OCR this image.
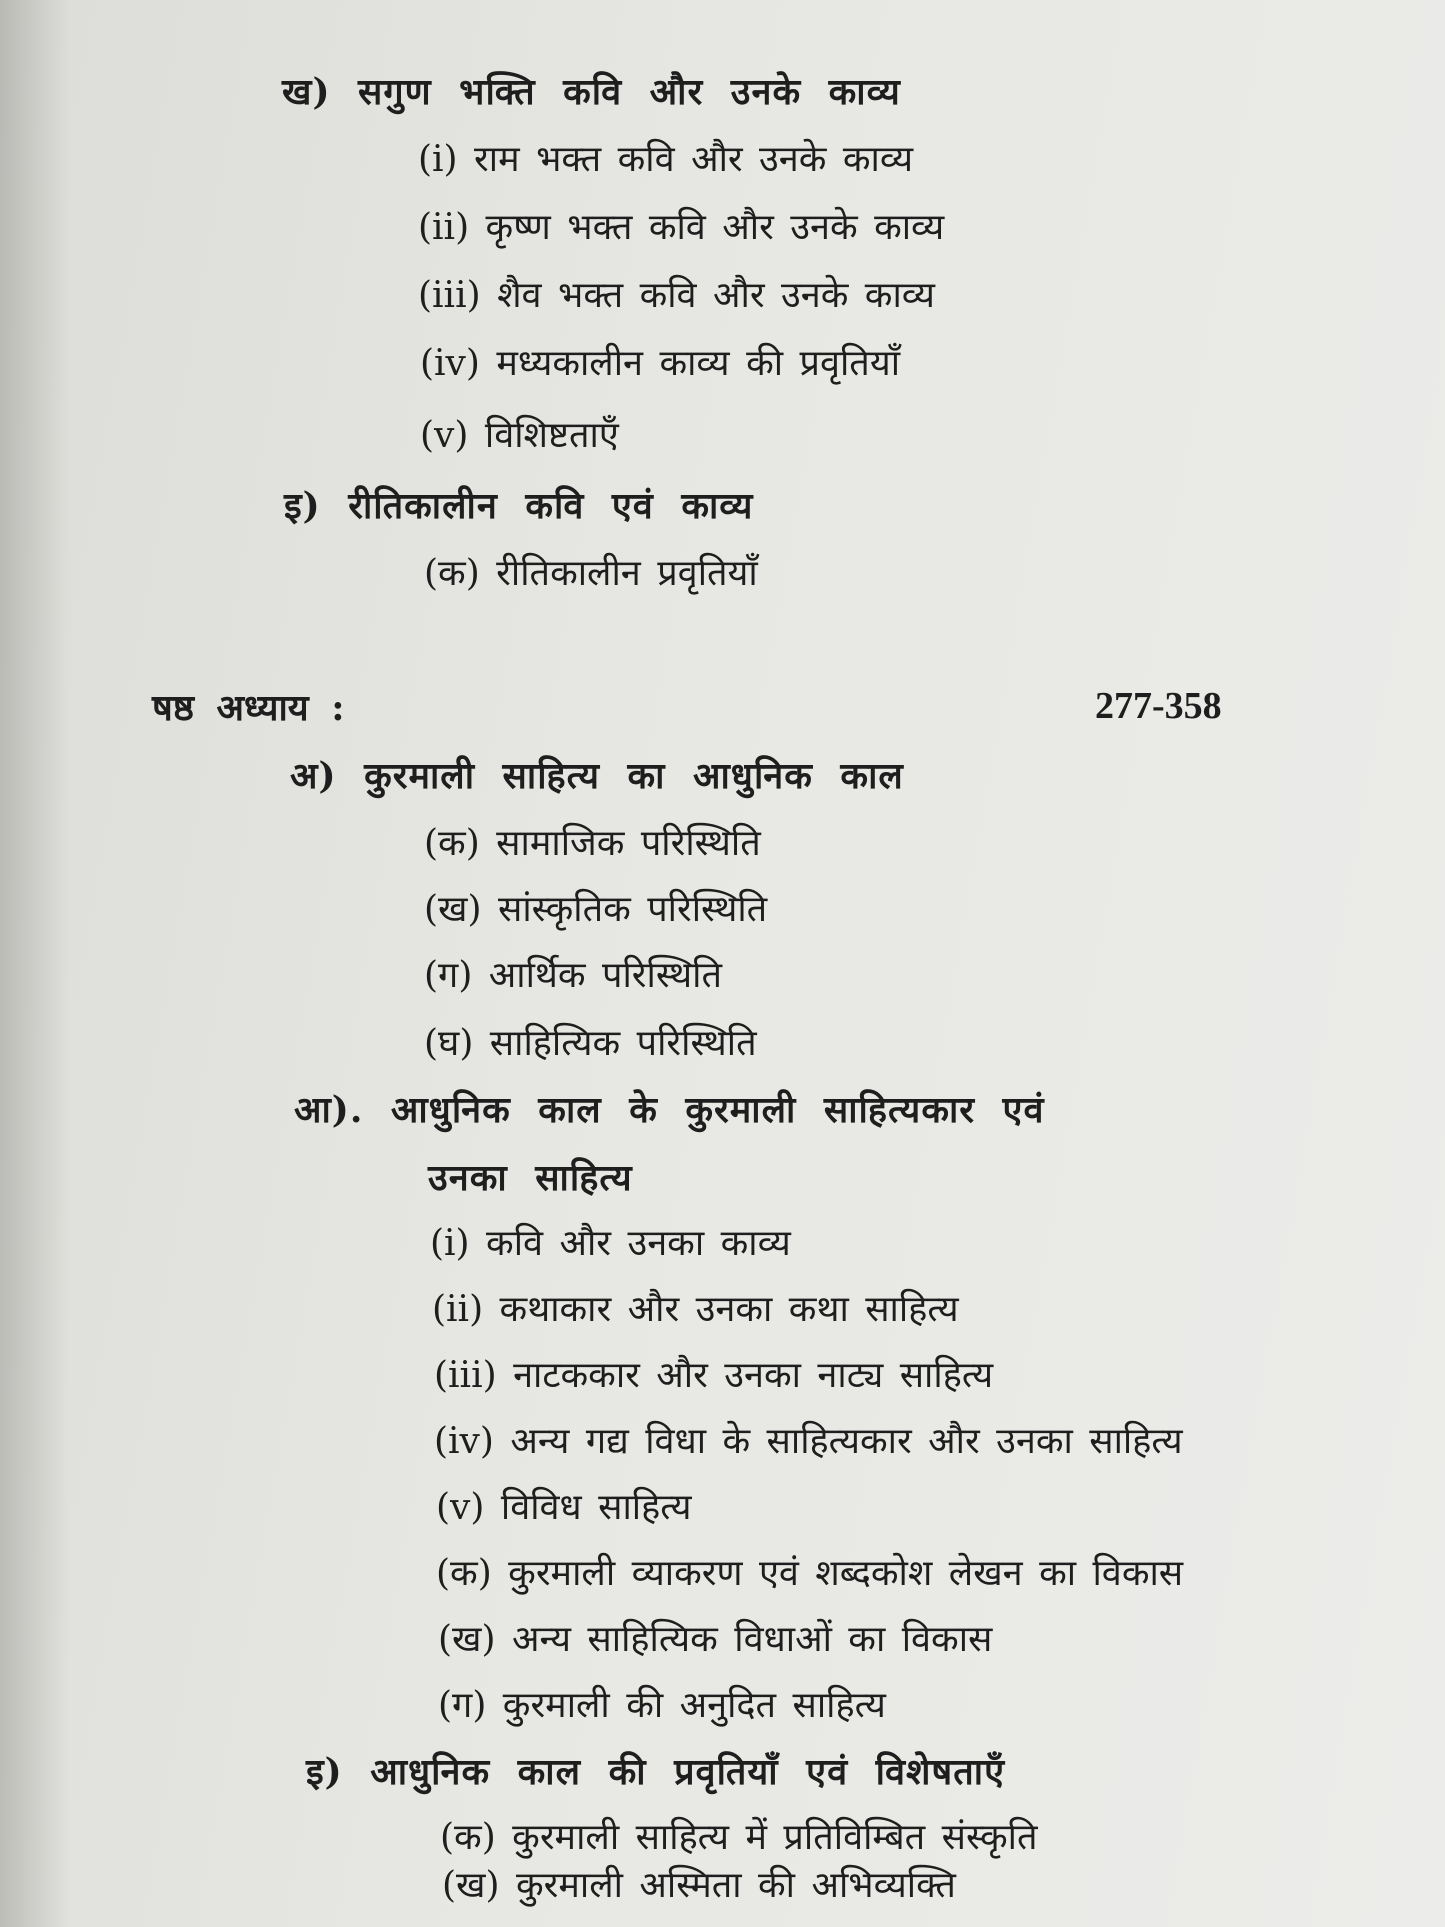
ख) सगुण भक्ति कवि और उनके काव्य
(i) राम भक्त कवि और उनके काव्य
(ii) कृष्ण भक्त कवि और उनके काव्य
(iii) शैव भक्त कवि और उनके काव्य
(iv) मध्यकालीन काव्य की प्रवृतियाँ
(v) विशिष्टताएँ
इ) रीतिकालीन कवि एवं काव्य
(क) रीतिकालीन प्रवृतियाँ
षष्ठ अध्याय :	277-358
अ) कुरमाली साहित्य का आधुनिक काल
(क) सामाजिक परिस्थिति
(ख) सांस्कृतिक परिस्थिति
(ग) आर्थिक परिस्थिति
(घ) साहित्यिक परिस्थिति
आ). आधुनिक काल के कुरमाली साहित्यकार एवं
उनका साहित्य
(i) कवि और उनका काव्य
(ii) कथाकार और उनका कथा साहित्य
(iii) नाटककार और उनका नाट्य साहित्य
(iv) अन्य गद्य विधा के साहित्यकार और उनका साहित्य
(v) विविध साहित्य
(क) कुरमाली व्याकरण एवं शब्दकोश लेखन का विकास
(ख) अन्य साहित्यिक विधाओं का विकास
(ग) कुरमाली की अनुदित साहित्य
इ) आधुनिक काल की प्रवृतियाँ एवं विशेषताएँ
(क) कुरमाली साहित्य में प्रतिविम्बित संस्कृति
(ख) कुरमाली अस्मिता की अभिव्यक्ति
